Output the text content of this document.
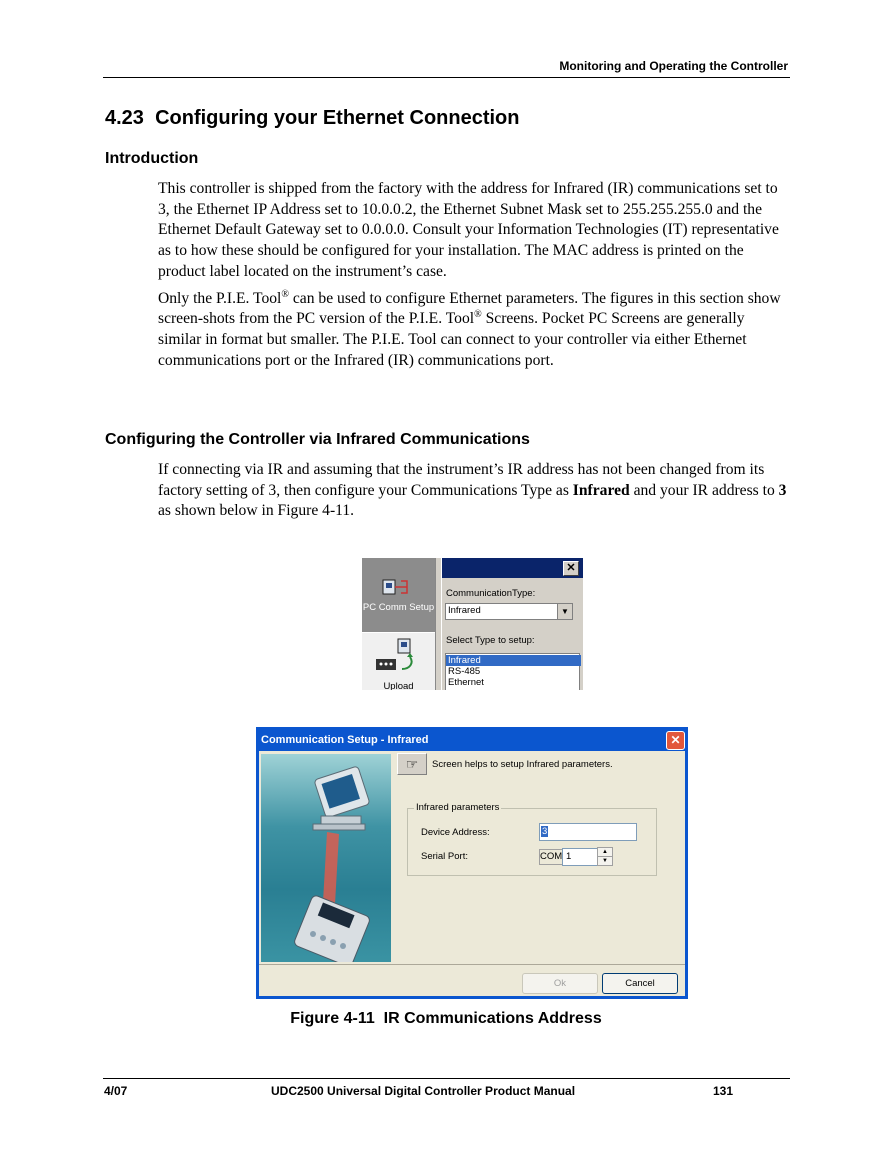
Monitoring and Operating the Controller
4.23 Configuring your Ethernet Connection
Introduction

This controller is shipped from the factory with the address for Infrared (IR) communications set to 3, the Ethernet IP Address set to 10.0.0.2, the Ethernet Subnet Mask set to 255.255.255.0 and the Ethernet Default Gateway set to 0.0.0.0. Consult your Information Technologies (IT) representative as to how these should be configured for your installation. The MAC address is printed on the product label located on the instrument’s case.

Only the P.I.E. Tool® can be used to configure Ethernet parameters. The figures in this section show screen-shots from the PC version of the P.I.E. Tool® Screens. Pocket PC Screens are generally similar in format but smaller. The P.I.E. Tool can connect to your controller via either Ethernet communications port or the Infrared (IR) communications port.

Configuring the Controller via Infrared Communications

If connecting via IR and assuming that the instrument’s IR address has not been changed from its factory setting of 3, then configure your Communications Type as Infrared and your IR address to 3 as shown below in Figure 4-11.

PC Comm Setup
Upload
✕
CommunicationType:
Infrared	▼
Select Type to setup:
Infrared
RS-485
Ethernet
Communication Setup - Infrared	✕
☞	Screen helps to setup Infrared parameters.
Infrared parameters
Device Address:	3
Serial Port:	COM 1	▲
▼
Ok	Cancel
Figure 4-11  IR Communications Address
4/07	UDC2500 Universal Digital Controller Product Manual	131
